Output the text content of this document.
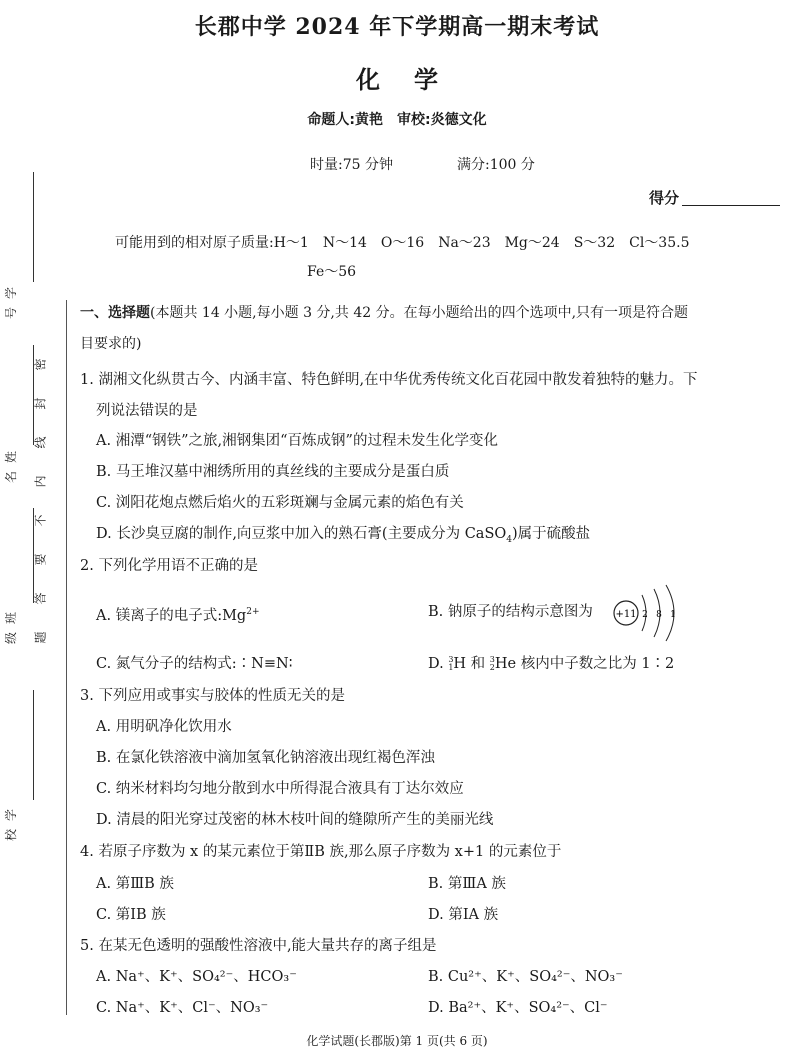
学
号
姓
名
班
级
学
校
密
封
线
内
不
要
答
题
长郡中学 2024 年下学期高一期末考试
化学
命题人:黄艳　审校:炎德文化
时量:75 分钟	满分:100 分
得分
可能用到的相对原子质量:H～1　N～14　O～16　Na～23　Mg～24　S～32　Cl～35.5
Fe～56
一、选择题(本题共 14 小题,每小题 3 分,共 42 分。在每小题给出的四个选项中,只有一项是符合题
目要求的)
1. 湖湘文化纵贯古今、内涵丰富、特色鲜明,在中华优秀传统文化百花园中散发着独特的魅力。下
列说法错误的是
A. 湘潭“钢铁”之旅,湘钢集团“百炼成钢”的过程未发生化学变化
B. 马王堆汉墓中湘绣所用的真丝线的主要成分是蛋白质
C. 浏阳花炮点燃后焰火的五彩斑斓与金属元素的焰色有关
D. 长沙臭豆腐的制作,向豆浆中加入的熟石膏(主要成分为 CaSO$_4$)属于硫酸盐
2. 下列化学用语不正确的是
A. 镁离子的电子式$:Mg^{2+}$	B. 钠原子的结构示意图为 +11 2 8 1
C. 氮气分子的结构式:∶N≡N∶	D. 3
1 H 和 3
2 He 核内中子数之比为 1∶2
3. 下列应用或事实与胶体的性质无关的是
A. 用明矾净化饮用水
B. 在氯化铁溶液中滴加氢氧化钠溶液出现红褐色浑浊
C. 纳米材料均匀地分散到水中所得混合液具有丁达尔效应
D. 清晨的阳光穿过茂密的林木枝叶间的缝隙所产生的美丽光线
4. 若原子序数为 x 的某元素位于第ⅡB 族,那么原子序数为 x+1 的元素位于
A. 第ⅢB 族	B. 第ⅢA 族
C. 第ⅠB 族	D. 第ⅠA 族
5. 在某无色透明的强酸性溶液中,能大量共存的离子组是
A. Na⁺、K⁺、SO₄²⁻、HCO₃⁻	B. Cu²⁺、K⁺、SO₄²⁻、NO₃⁻
C. Na⁺、K⁺、Cl⁻、NO₃⁻	D. Ba²⁺、K⁺、SO₄²⁻、Cl⁻
化学试题(长郡版)第 1 页(共 6 页)
